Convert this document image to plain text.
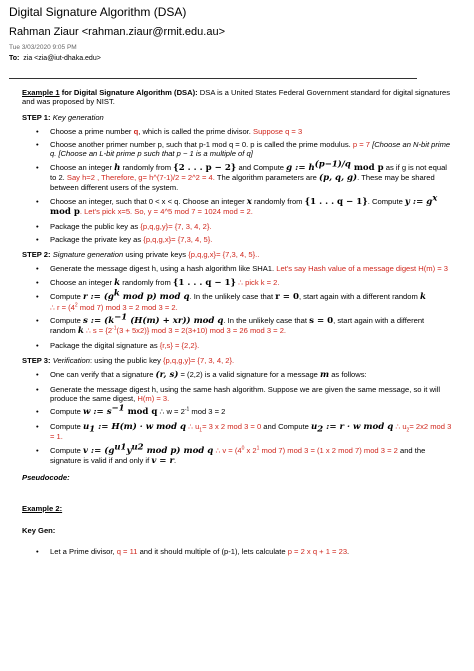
Digital Signature Algorithm (DSA)
Rahman Ziaur <rahman.ziaur@rmit.edu.au>
Tue 3/03/2020 9:05 PM
To: zia <zia@iut-dhaka.edu>

Example 1 for Digital Signature Algorithm (DSA): DSA is a United States Federal Government standard for digital signatures and was proposed by NIST.

STEP 1: Key generation

• Choose a prime number q, which is called the prime divisor. Suppose q = 3
• Choose another primer number p, such that p-1 mod q = 0. p is called the prime modulus. p = 7 [Choose an N-bit prime q. [Choose an L-bit prime p such that p − 1 is a multiple of q]
• Choose an integer h randomly from {2 . . . p − 2} and Compute g := $h^{(p-1)/q}$ mod p as if g is not equal to 2. Say h=2 , Therefore, g= h^(7-1)/2 = 2^2 = 4. The algorithm parameters are (p, q, g). These may be shared between different users of the system.
• Choose an integer, such that 0 < x < q. Choose an integer x randomly from {1 . . . q − 1}. Compute y := $g^x$ mod p. Let's pick x=5. So, y = 4^5 mod 7 = 1024 mod = 2.
• Package the public key as {p,q,g,y}= {7, 3, 4, 2}.
• Package the private key as {p,q,g,x}= {7,3, 4, 5}.

STEP 2: Signature generation using private keys {p,q,g,x}= {7,3, 4, 5}..

• Generate the message digest h, using a hash algorithm like SHA1. Let's say Hash value of a message digest H(m) = 3
• Choose an integer k randomly from {1 . . . q − 1} ∴ pick k = 2.
• Compute r := ($g^k$ mod p) mod q. In the unlikely case that r = 0, start again with a different random k
∴ $r = (4^2$ mod 7) mod 3 = 2 mod 3 = 2.
• Compute s := ($k^{-1}$ (H(m) + xr)) mod q. In the unlikely case that s = 0, start again with a different random k ∴ $s = \{2^{-1}(3 + 5x2)\}$ mod 3 = 2(3+10) mod 3 = 26 mod 3 = 2.
• Package the digital signature as {r,s} = {2,2}.

STEP 3: Verification: using the public key {p,q,g,y}= {7, 3, 4, 2}.

• One can verify that a signature (r, s) = (2,2) is a valid signature for a message m as follows:
• Generate the message digest h, using the same hash algorithm. Suppose we are given the same message, so it will produce the same digest, H(m) = 3.
• Compute w := $s^{-1}$ mod q ∴ $w = 2^{-1}$ mod 3 = 2
• Compute $u_1$ := H(m) · w mod q ∴ $u_1= 3$ x 2 mod 3 = 0 and Compute $u_2$ := r · w mod q ∴ $u_2= 2x2$ mod 3 = 1.
• Compute v := ($g^{u1}y^{u2}$ mod p) mod q ∴ $v = (4^0$ x $2^1$ mod 7) mod 3 = (1 x 2 mod 7) mod 3 = 2 and the signature is valid if and only if v = r.

Pseudocode:

Example 2:

Key Gen:

• Let a Prime divisor, q = 11 and it should multiple of (p-1), lets calculate p = 2 x q + 1 = 23.
